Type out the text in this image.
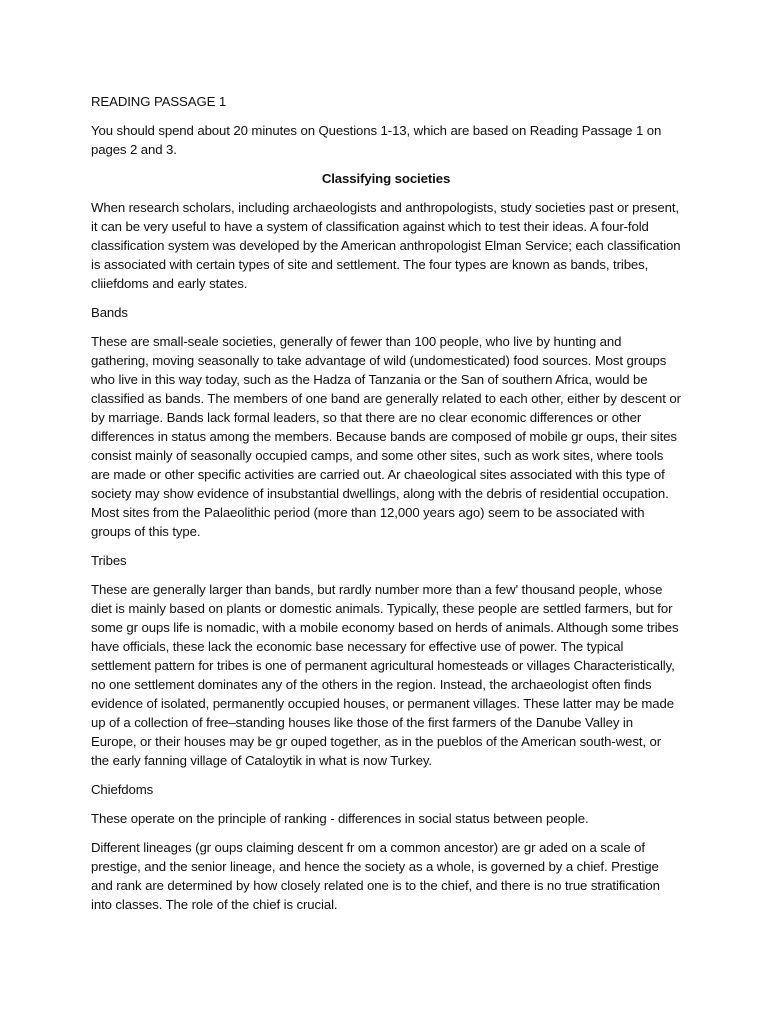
READING PASSAGE 1

You should spend about 20 minutes on Questions 1-13, which are based on Reading Passage 1 on pages 2 and 3.

Classifying societies

When research scholars, including archaeologists and anthropologists, study societies past or present, it can be very useful to have a system of classification against which to test their ideas. A four-fold classification system was developed by the American anthropologist Elman Service; each classification is associated with certain types of site and settlement. The four types are known as bands, tribes, cliiefdoms and early states.

Bands

These are small-seale societies, generally of fewer than 100 people, who live by hunting and gathering, moving seasonally to take advantage of wild (undomesticated) food sources. Most groups who live in this way today, such as the Hadza of Tanzania or the San of southern Africa, would be classified as bands. The members of one band are generally related to each other, either by descent or by marriage. Bands lack formal leaders, so that there are no clear economic differences or other differences in status among the members. Because bands are composed of mobile gr oups, their sites consist mainly of seasonally occupied camps, and some other sites, such as work sites, where tools are made or other specific activities are carried out. Ar chaeological sites associated with this type of society may show evidence of insubstantial dwellings, along with the debris of residential occupation. Most sites from the Palaeolithic period (more than 12,000 years ago) seem to be associated with groups of this type.

Tribes

These are generally larger than bands, but rardly number more than a few' thousand people, whose diet is mainly based on plants or domestic animals. Typically, these people are settled farmers, but for some gr oups life is nomadic, with a mobile economy based on herds of animals. Although some tribes have officials, these lack the economic base necessary for effective use of power. The typical settlement pattern for tribes is one of permanent agricultural homesteads or villages Characteristically, no one settlement dominates any of the others in the region. Instead, the archaeologist often finds evidence of isolated, permanently occupied houses, or permanent villages. These latter may be made up of a collection of free–standing houses like those of the first farmers of the Danube Valley in Europe, or their houses may be gr ouped together, as in the pueblos of the American south-west, or the early fanning village of Cataloytik in what is now Turkey.

Chiefdoms

These operate on the principle of ranking - differences in social status between people.

Different lineages (gr oups claiming descent fr om a common ancestor) are gr aded on a scale of prestige, and the senior lineage, and hence the society as a whole, is governed by a chief. Prestige and rank are determined by how closely related one is to the chief, and there is no true stratification into classes. The role of the chief is crucial.
